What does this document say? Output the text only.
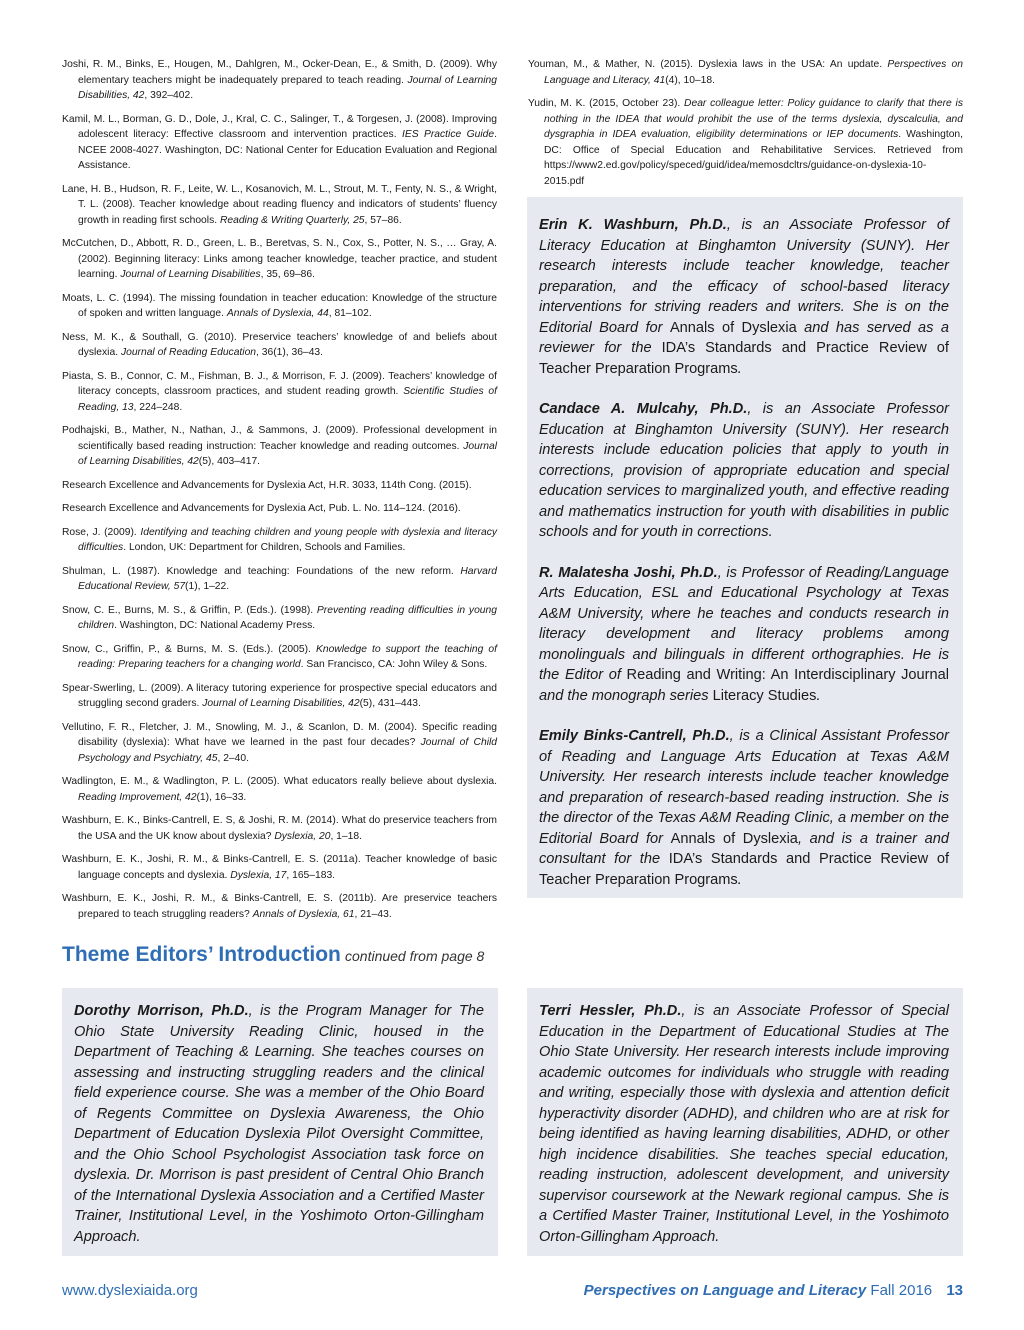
Joshi, R. M., Binks, E., Hougen, M., Dahlgren, M., Ocker-Dean, E., & Smith, D. (2009). Why elementary teachers might be inadequately prepared to teach reading. Journal of Learning Disabilities, 42, 392–402.

Kamil, M. L., Borman, G. D., Dole, J., Kral, C. C., Salinger, T., & Torgesen, J. (2008). Improving adolescent literacy: Effective classroom and intervention practices. IES Practice Guide. NCEE 2008-4027. Washington, DC: National Center for Education Evaluation and Regional Assistance.

Lane, H. B., Hudson, R. F., Leite, W. L., Kosanovich, M. L., Strout, M. T., Fenty, N. S., & Wright, T. L. (2008). Teacher knowledge about reading fluency and indicators of students’ fluency growth in reading first schools. Reading & Writing Quarterly, 25, 57–86.

McCutchen, D., Abbott, R. D., Green, L. B., Beretvas, S. N., Cox, S., Potter, N. S., … Gray, A. (2002). Beginning literacy: Links among teacher knowledge, teacher practice, and student learning. Journal of Learning Disabilities, 35, 69–86.

Moats, L. C. (1994). The missing foundation in teacher education: Knowledge of the structure of spoken and written language. Annals of Dyslexia, 44, 81–102.

Ness, M. K., & Southall, G. (2010). Preservice teachers’ knowledge of and beliefs about dyslexia. Journal of Reading Education, 36(1), 36–43.

Piasta, S. B., Connor, C. M., Fishman, B. J., & Morrison, F. J. (2009). Teachers’ knowledge of literacy concepts, classroom practices, and student reading growth. Scientific Studies of Reading, 13, 224–248.

Podhajski, B., Mather, N., Nathan, J., & Sammons, J. (2009). Professional development in scientifically based reading instruction: Teacher knowledge and reading outcomes. Journal of Learning Disabilities, 42(5), 403–417.

Research Excellence and Advancements for Dyslexia Act, H.R. 3033, 114th Cong. (2015).

Research Excellence and Advancements for Dyslexia Act, Pub. L. No. 114–124. (2016).

Rose, J. (2009). Identifying and teaching children and young people with dyslexia and literacy difficulties. London, UK: Department for Children, Schools and Families.

Shulman, L. (1987). Knowledge and teaching: Foundations of the new reform. Harvard Educational Review, 57(1), 1–22.

Snow, C. E., Burns, M. S., & Griffin, P. (Eds.). (1998). Preventing reading difficulties in young children. Washington, DC: National Academy Press.

Snow, C., Griffin, P., & Burns, M. S. (Eds.). (2005). Knowledge to support the teaching of reading: Preparing teachers for a changing world. San Francisco, CA: John Wiley & Sons.

Spear-Swerling, L. (2009). A literacy tutoring experience for prospective special educators and struggling second graders. Journal of Learning Disabilities, 42(5), 431–443.

Vellutino, F. R., Fletcher, J. M., Snowling, M. J., & Scanlon, D. M. (2004). Specific reading disability (dyslexia): What have we learned in the past four decades? Journal of Child Psychology and Psychiatry, 45, 2–40.

Wadlington, E. M., & Wadlington, P. L. (2005). What educators really believe about dyslexia. Reading Improvement, 42(1), 16–33.

Washburn, E. K., Binks-Cantrell, E. S, & Joshi, R. M. (2014). What do preservice teachers from the USA and the UK know about dyslexia? Dyslexia, 20, 1–18.

Washburn, E. K., Joshi, R. M., & Binks-Cantrell, E. S. (2011a). Teacher knowledge of basic language concepts and dyslexia. Dyslexia, 17, 165–183.

Washburn, E. K., Joshi, R. M., & Binks-Cantrell, E. S. (2011b). Are preservice teachers prepared to teach struggling readers? Annals of Dyslexia, 61, 21–43.

Youman, M., & Mather, N. (2015). Dyslexia laws in the USA: An update. Perspectives on Language and Literacy, 41(4), 10–18.

Yudin, M. K. (2015, October 23). Dear colleague letter: Policy guidance to clarify that there is nothing in the IDEA that would prohibit the use of the terms dyslexia, dyscalculia, and dysgraphia in IDEA evaluation, eligibility determinations or IEP documents. Washington, DC: Office of Special Education and Rehabilitative Services. Retrieved from https://www2.ed.gov/policy/speced/guid/idea/memosdcltrs/guidance-on-dyslexia-10-2015.pdf

Erin K. Washburn, Ph.D., is an Associate Professor of Literacy Education at Binghamton University (SUNY). Her research interests include teacher knowledge, teacher preparation, and the efficacy of school-based literacy interventions for striving readers and writers. She is on the Editorial Board for Annals of Dyslexia and has served as a reviewer for the IDA’s Standards and Practice Review of Teacher Preparation Programs.

Candace A. Mulcahy, Ph.D., is an Associate Professor Education at Binghamton University (SUNY). Her research interests include education policies that apply to youth in corrections, provision of appropriate education and special education services to marginalized youth, and effective reading and mathematics instruction for youth with disabilities in public schools and for youth in corrections.

R. Malatesha Joshi, Ph.D., is Professor of Reading/Language Arts Education, ESL and Educational Psychology at Texas A&M University, where he teaches and conducts research in literacy development and literacy problems among monolinguals and bilinguals in different orthographies. He is the Editor of Reading and Writing: An Interdisciplinary Journal and the monograph series Literacy Studies.

Emily Binks-Cantrell, Ph.D., is a Clinical Assistant Professor of Reading and Language Arts Education at Texas A&M University. Her research interests include teacher knowledge and preparation of research-based reading instruction. She is the director of the Texas A&M Reading Clinic, a member on the Editorial Board for Annals of Dyslexia, and is a trainer and consultant for the IDA’s Standards and Practice Review of Teacher Preparation Programs.

Theme Editors’ Introduction continued from page 8

Dorothy Morrison, Ph.D., is the Program Manager for The Ohio State University Reading Clinic, housed in the Department of Teaching & Learning. She teaches courses on assessing and instructing struggling readers and the clinical field experience course. She was a member of the Ohio Board of Regents Committee on Dyslexia Awareness, the Ohio Department of Education Dyslexia Pilot Oversight Committee, and the Ohio School Psychologist Association task force on dyslexia. Dr. Morrison is past president of Central Ohio Branch of the International Dyslexia Association and a Certified Master Trainer, Institutional Level, in the Yoshimoto Orton-Gillingham Approach.

Terri Hessler, Ph.D., is an Associate Professor of Special Education in the Department of Educational Studies at The Ohio State University. Her research interests include improving academic outcomes for individuals who struggle with reading and writing, especially those with dyslexia and attention deficit hyperactivity disorder (ADHD), and children who are at risk for being identified as having learning disabilities, ADHD, or other high incidence disabilities. She teaches special education, reading instruction, adolescent development, and university supervisor coursework at the Newark regional campus. She is a Certified Master Trainer, Institutional Level, in the Yoshimoto Orton-Gillingham Approach.

www.dyslexiaida.org	Perspectives on Language and Literacy Fall 2016 13
